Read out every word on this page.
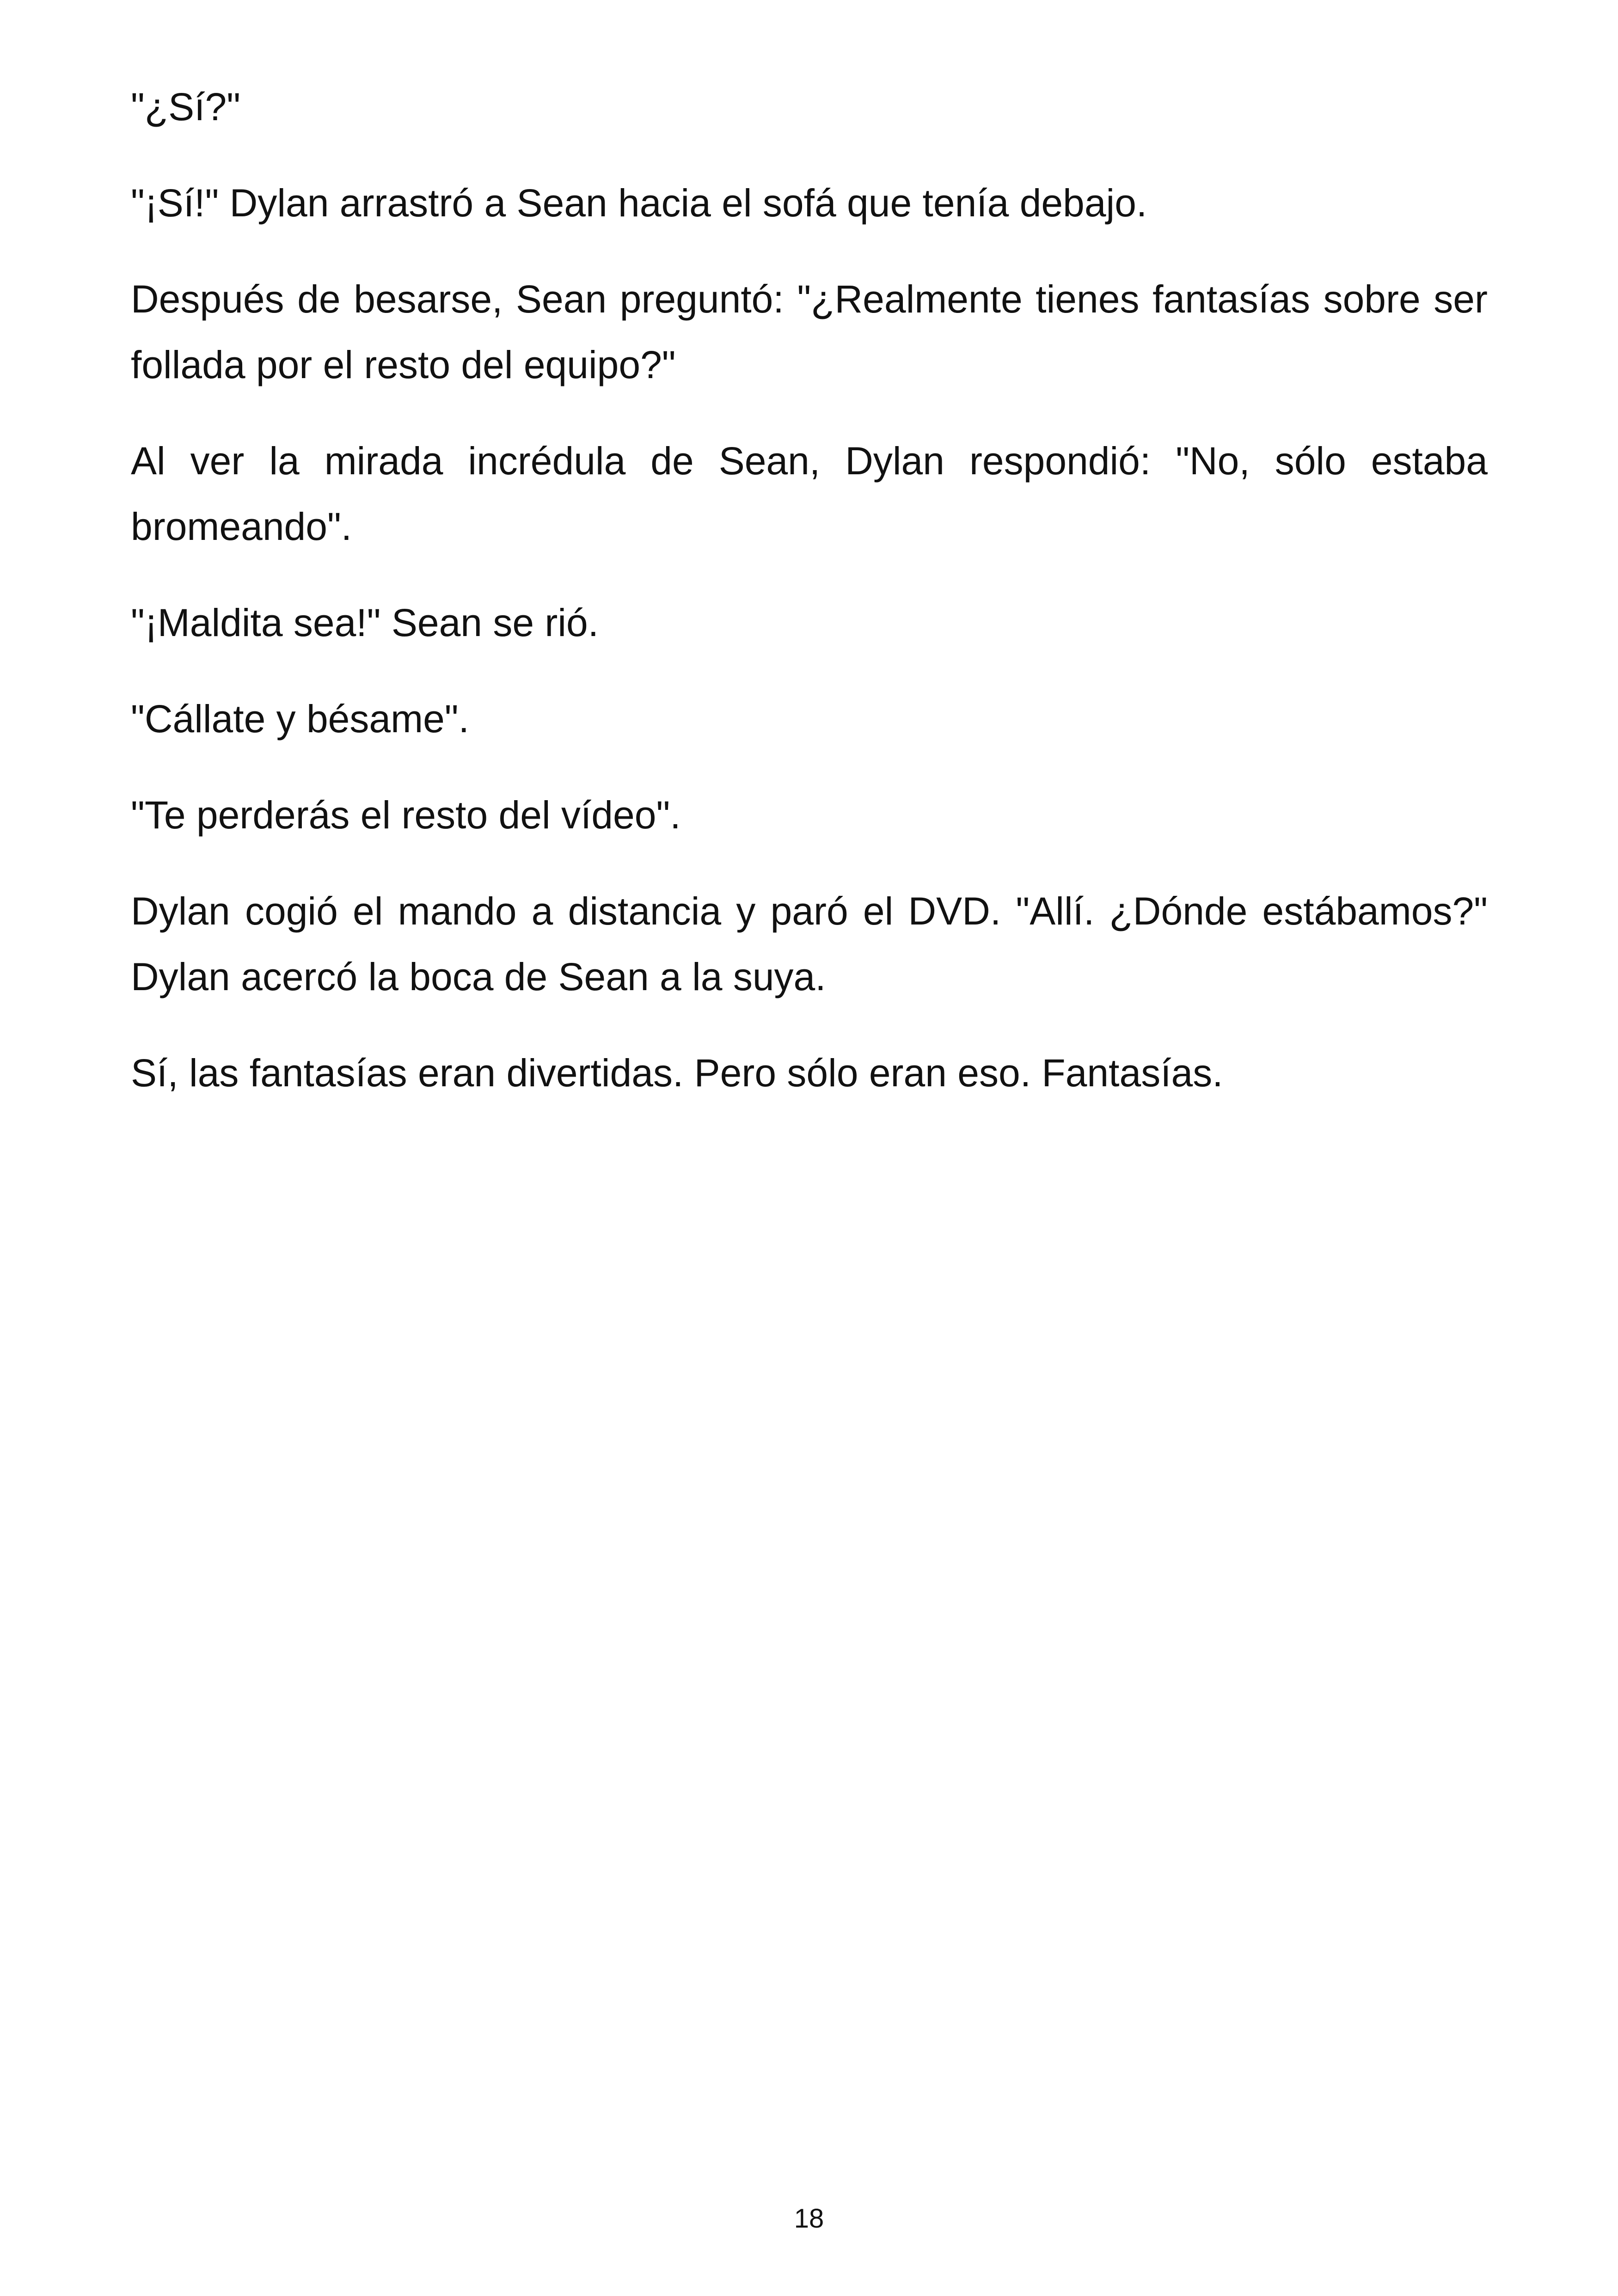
"¿Sí?"

"¡Sí!" Dylan arrastró a Sean hacia el sofá que tenía debajo.

Después de besarse, Sean preguntó: "¿Realmente tienes fantasías sobre ser follada por el resto del equipo?"

Al ver la mirada incrédula de Sean, Dylan respondió: "No, sólo estaba bromeando".

"¡Maldita sea!" Sean se rió.

"Cállate y bésame".

"Te perderás el resto del vídeo".

Dylan cogió el mando a distancia y paró el DVD. "Allí. ¿Dónde estábamos?" Dylan acercó la boca de Sean a la suya.

Sí, las fantasías eran divertidas. Pero sólo eran eso. Fantasías.

18
